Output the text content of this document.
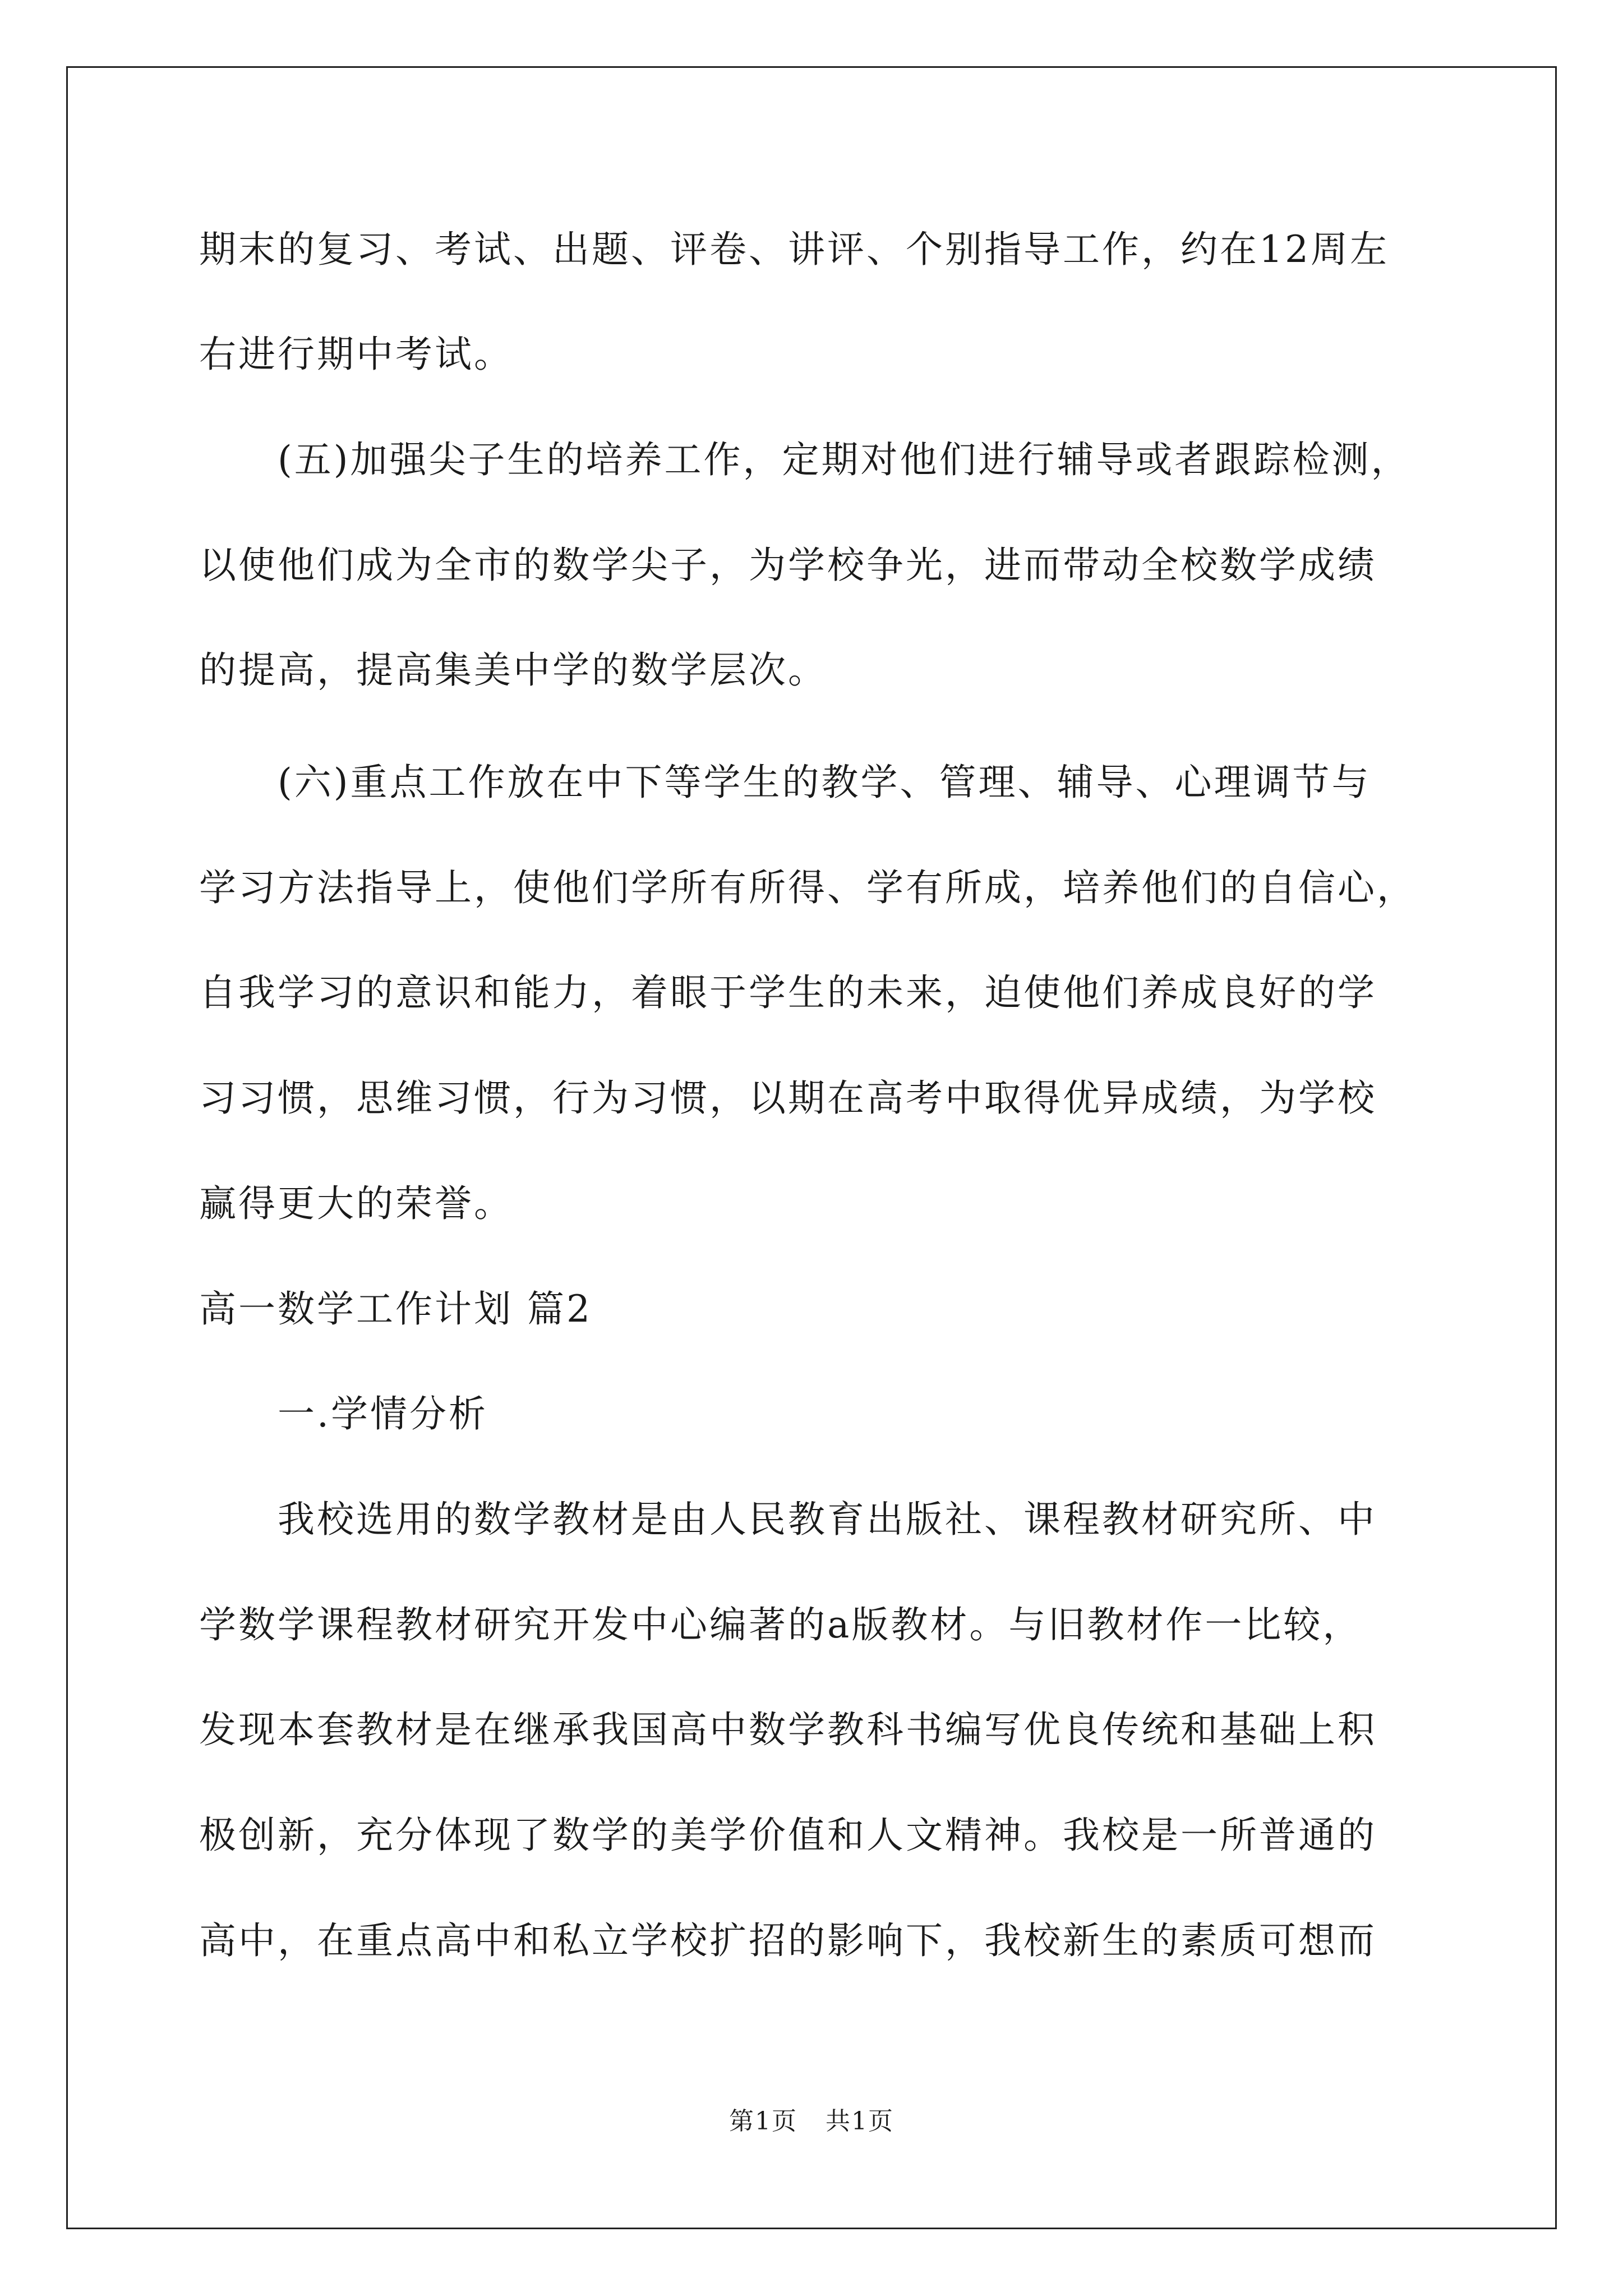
期末的复习、考试、出题、评卷、讲评、个别指导工作，约在12周左

右进行期中考试。

(五)加强尖子生的培养工作，定期对他们进行辅导或者跟踪检测，

以使他们成为全市的数学尖子，为学校争光，进而带动全校数学成绩

的提高，提高集美中学的数学层次。

(六)重点工作放在中下等学生的教学、管理、辅导、心理调节与

学习方法指导上，使他们学所有所得、学有所成，培养他们的自信心，

自我学习的意识和能力，着眼于学生的未来，迫使他们养成良好的学

习习惯，思维习惯，行为习惯，以期在高考中取得优异成绩，为学校

赢得更大的荣誉。

高一数学工作计划 篇2

一.学情分析

我校选用的数学教材是由人民教育出版社、课程教材研究所、中

学数学课程教材研究开发中心编著的a版教材。与旧教材作一比较，

发现本套教材是在继承我国高中数学教科书编写优良传统和基础上积

极创新，充分体现了数学的美学价值和人文精神。我校是一所普通的

高中，在重点高中和私立学校扩招的影响下，我校新生的素质可想而

第1页 共1页
